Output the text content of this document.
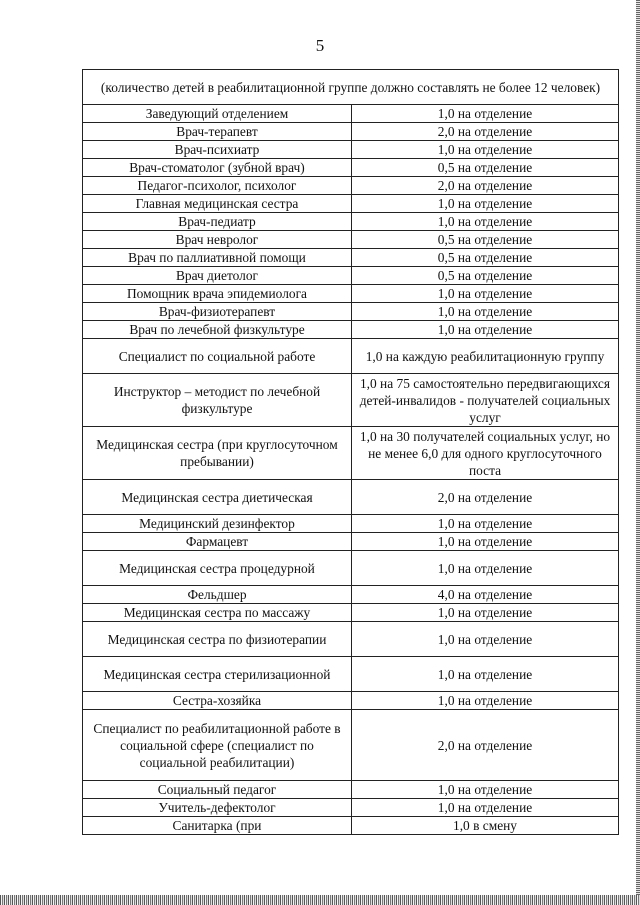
5
(количество детей в реабилитационной группе должно составлять не более 12 человек)	
Заведующий отделением	1,0 на отделение
Врач-терапевт	2,0 на отделение
Врач-психиатр	1,0 на отделение
Врач-стоматолог (зубной врач)	0,5 на отделение
Педагог-психолог, психолог	2,0 на отделение
Главная медицинская сестра	1,0 на отделение
Врач-педиатр	1,0 на отделение
Врач невролог	0,5 на отделение
Врач по паллиативной помощи	0,5 на отделение
Врач диетолог	0,5 на отделение
Помощник врача эпидемиолога	1,0 на отделение
Врач-физиотерапевт	1,0 на отделение
Врач по лечебной физкультуре	1,0 на отделение
Специалист по социальной работе	1,0 на каждую реабилитационную группу
Инструктор – методист по лечебной физкультуре	1,0 на 75 самостоятельно передвигающихся детей-инвалидов - получателей социальных услуг
Медицинская сестра (при круглосуточном пребывании)	1,0 на 30 получателей социальных услуг, но не менее 6,0 для одного круглосуточного поста
Медицинская сестра диетическая	2,0 на отделение
Медицинский дезинфектор	1,0 на отделение
Фармацевт	1,0 на отделение
Медицинская сестра процедурной	1,0 на отделение
Фельдшер	4,0 на отделение
Медицинская сестра по массажу	1,0 на отделение
Медицинская сестра по физиотерапии	1,0 на отделение
Медицинская сестра стерилизационной	1,0 на отделение
Сестра-хозяйка	1,0 на отделение
Специалист по реабилитационной работе в социальной сфере (специалист по социальной реабилитации)	2,0 на отделение
Социальный педагог	1,0 на отделение
Учитель-дефектолог	1,0 на отделение
Санитарка (при	1,0 в смену
